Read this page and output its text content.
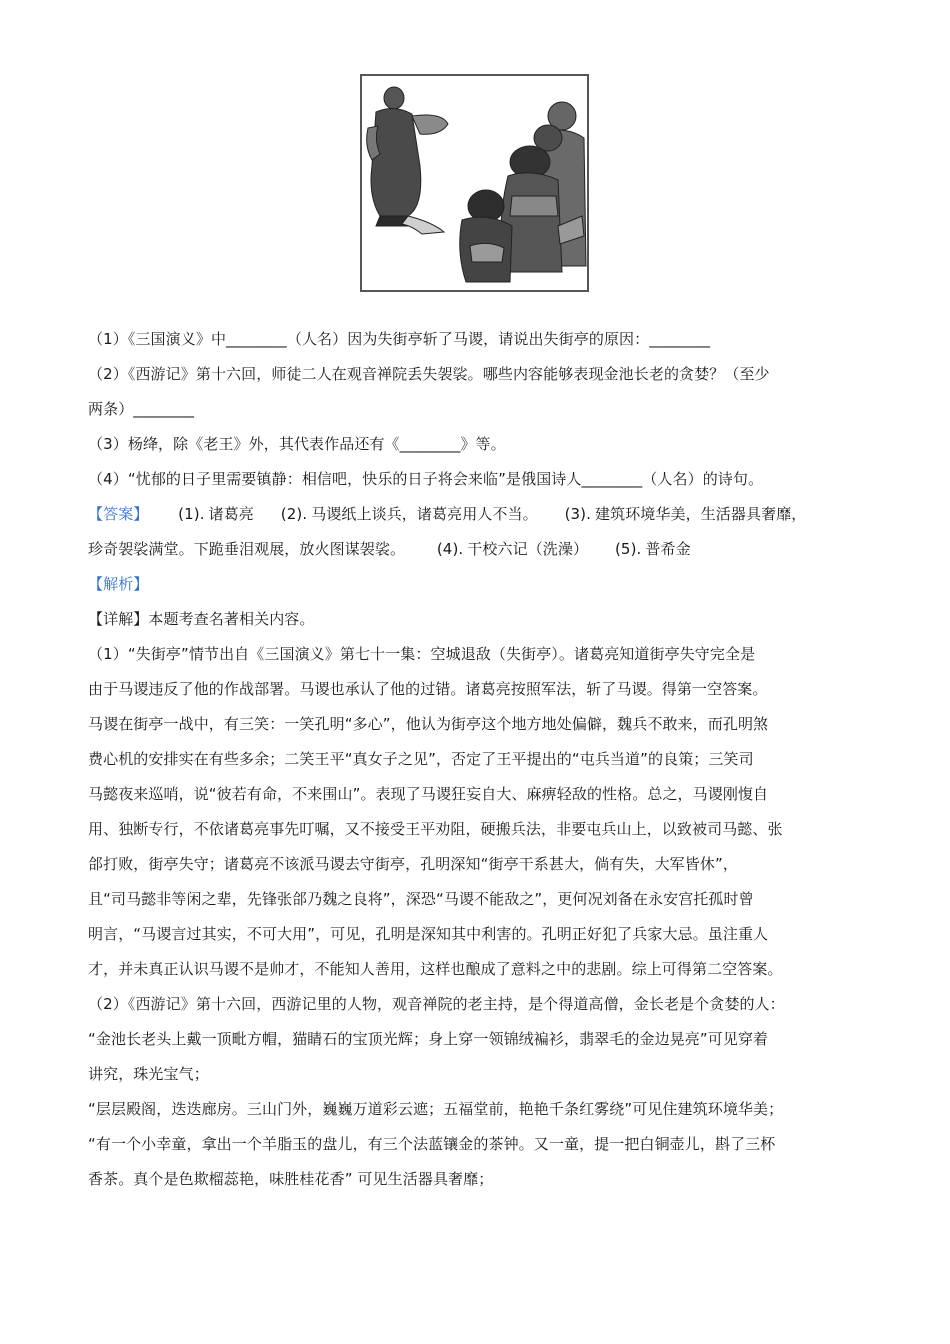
（1）《三国演义》中________（人名）因为失街亭斩了马谡，请说出失街亭的原因：________

（2）《西游记》第十六回，师徒二人在观音禅院丢失袈裟。哪些内容能够表现金池长老的贪婪？（至少

两条）________

（3）杨绛，除《老王》外，其代表作品还有《________》等。

（4）“忧郁的日子里需要镇静：相信吧，快乐的日子将会来临”是俄国诗人________（人名）的诗句。

【答案】 (1). 诸葛亮 (2). 马谡纸上谈兵，诸葛亮用人不当。 (3). 建筑环境华美，生活器具奢靡，

珍奇袈裟满堂。下跪垂泪观展，放火图谋袈裟。 (4). 干校六记（洗澡） (5). 普希金

【解析】

【详解】本题考查名著相关内容。

（1）“失街亭”情节出自《三国演义》第七十一集：空城退敌（失街亭）。诸葛亮知道街亭失守完全是

由于马谡违反了他的作战部署。马谡也承认了他的过错。诸葛亮按照军法，斩了马谡。得第一空答案。

马谡在街亭一战中，有三笑：一笑孔明“多心”，他认为街亭这个地方地处偏僻，魏兵不敢来，而孔明煞

费心机的安排实在有些多余；二笑王平“真女子之见”，否定了王平提出的“屯兵当道”的良策；三笑司

马懿夜来巡哨，说“彼若有命，不来围山”。表现了马谡狂妄自大、麻痹轻敌的性格。总之，马谡刚愎自

用、独断专行，不依诸葛亮事先叮嘱，又不接受王平劝阻，硬搬兵法，非要屯兵山上，以致被司马懿、张

郃打败，街亭失守；诸葛亮不该派马谡去守街亭，孔明深知“街亭干系甚大，倘有失，大军皆休”，

且“司马懿非等闲之辈，先锋张郃乃魏之良将”，深恐“马谡不能敌之”，更何况刘备在永安宫托孤时曾

明言，“马谡言过其实，不可大用”，可见，孔明是深知其中利害的。孔明正好犯了兵家大忌。虽注重人

才，并未真正认识马谡不是帅才，不能知人善用，这样也酿成了意料之中的悲剧。综上可得第二空答案。

（2）《西游记》第十六回，西游记里的人物，观音禅院的老主持，是个得道高僧，金长老是个贪婪的人：

“金池长老头上戴一顶毗方帽，猫睛石的宝顶光辉；身上穿一领锦绒褊衫，翡翠毛的金边晃亮”可见穿着

讲究，珠光宝气；

“层层殿阁，迭迭廊房。三山门外，巍巍万道彩云遮；五福堂前，艳艳千条红雾绕”可见住建筑环境华美；

“有一个小幸童，拿出一个羊脂玉的盘儿，有三个法蓝镶金的茶钟。又一童，提一把白铜壶儿，斟了三杯

香茶。真个是色欺榴蕊艳，味胜桂花香” 可见生活器具奢靡；
